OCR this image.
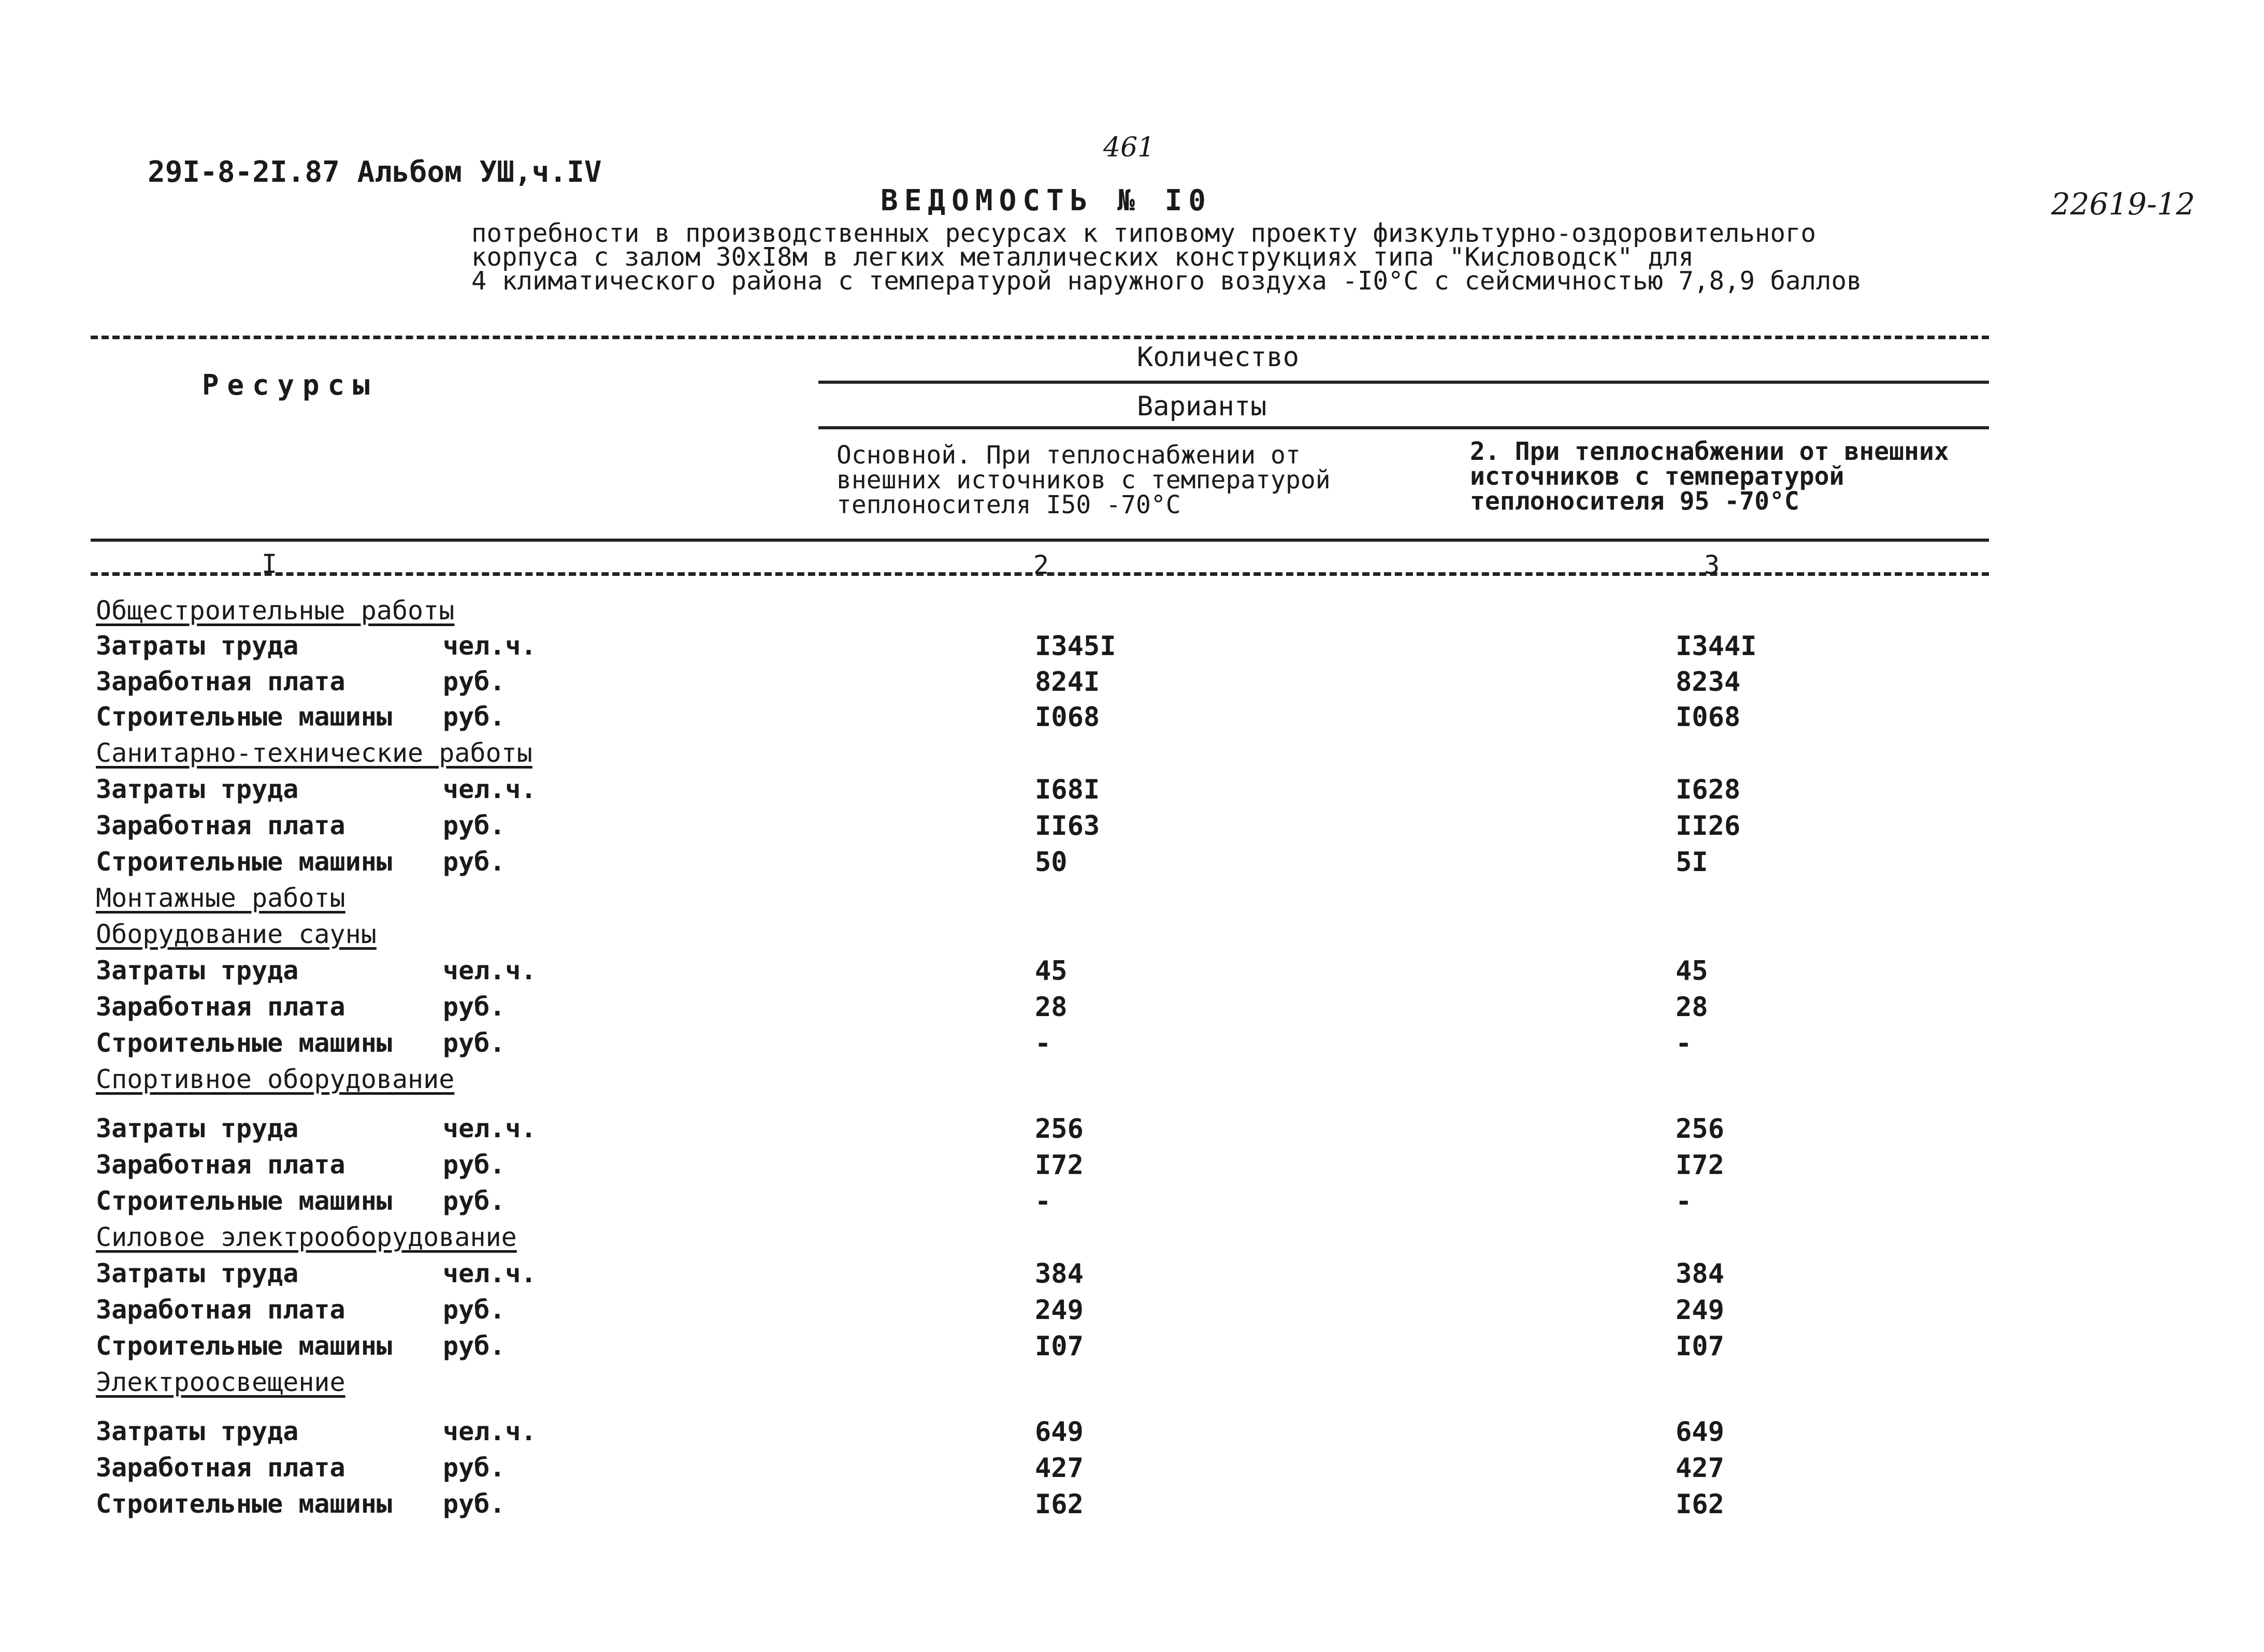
29I-8-2I.87 Альбом УШ,ч.IV
461
22619-12
ВЕДОМОСТЬ № I0
потребности в производственных ресурсах к типовому проекту физкультурно-оздоровительного
корпуса с залом 30хI8м в легких металлических конструкциях типа "Кисловодск" для
4 климатического района с температурой наружного воздуха -I0°С с сейсмичностью 7,8,9 баллов
Ресурсы
Количество
Варианты
Основной. При теплоснабжении от
внешних источников с температурой
теплоносителя I50 -70°С
2. При теплоснабжении от внешних
источников с температурой
теплоносителя 95 -70°С
I	2	3
Общестроительные работы
Затраты труда	чел.ч.	I345I	I344I
Заработная плата	руб.	824I	8234
Строительные машины руб.	I068	I068
Санитарно-технические работы
Затраты труда	чел.ч.	I68I	I628
Заработная плата	руб.	II63	II26
Строительные машины руб.	50	5I
Монтажные работы
Оборудование сауны
Затраты труда	чел.ч.	45	45
Заработная плата	руб.	28	28
Строительные машины руб.	-	-
Спортивное оборудование
Затраты труда	чел.ч.	256	256
Заработная плата	руб.	I72	I72
Строительные машины руб.	-	-
Силовое электрооборудование
Затраты труда	чел.ч.	384	384
Заработная плата	руб.	249	249
Строительные машины руб.	I07	I07
Электроосвещение
Затраты труда	чел.ч.	649	649
Заработная плата	руб.	427	427
Строительные машины руб.	I62	I62
